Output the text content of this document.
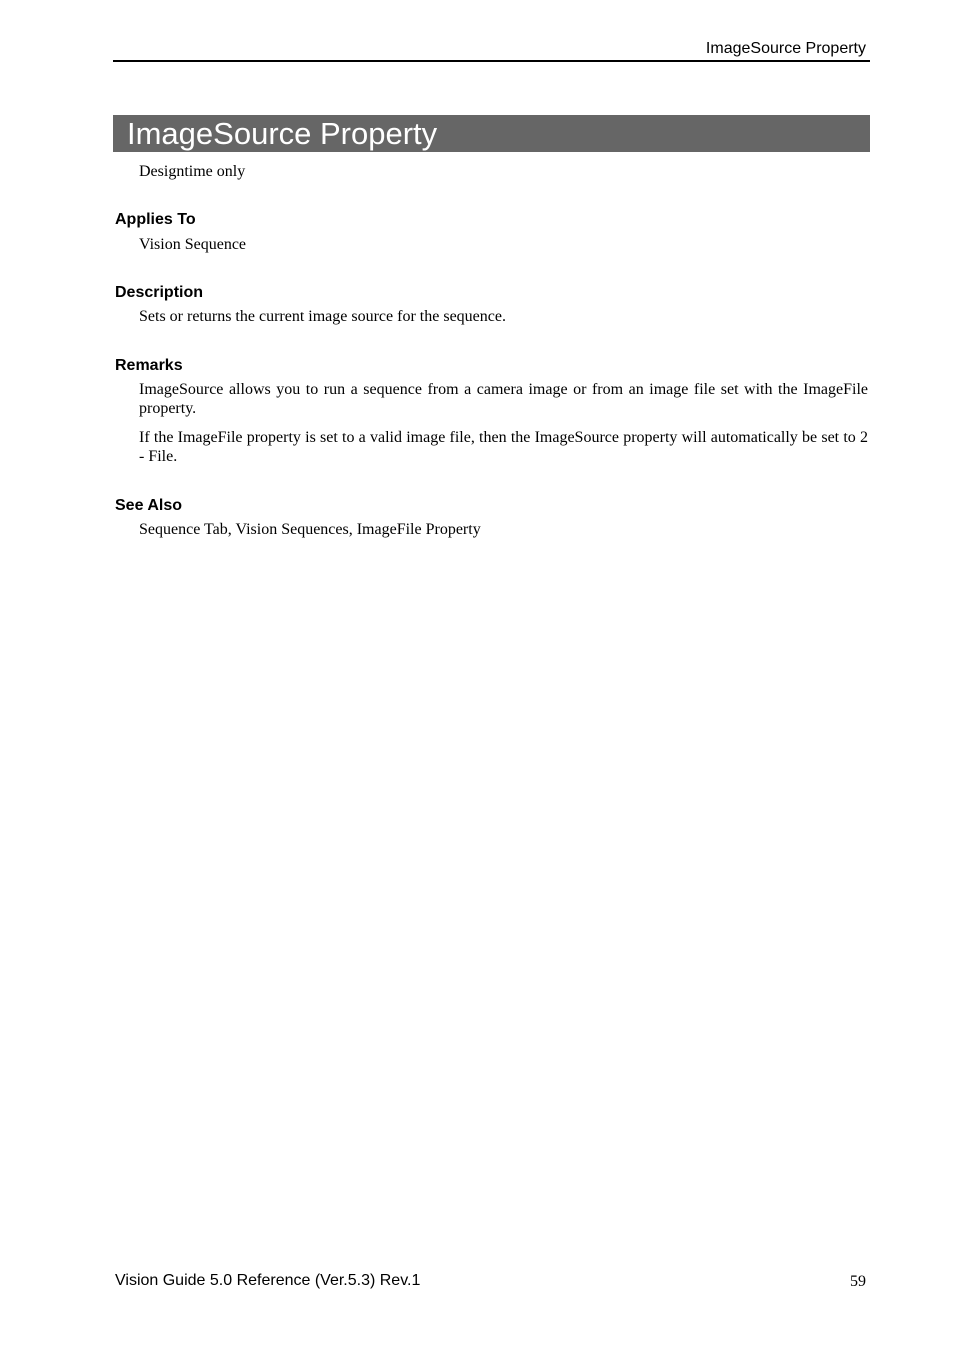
ImageSource Property
ImageSource Property

Designtime only

Applies To

Vision Sequence

Description

Sets or returns the current image source for the sequence.

Remarks

ImageSource allows you to run a sequence from a camera image or from an image file set with the ImageFile property.

If the ImageFile property is set to a valid image file, then the ImageSource property will automatically be set to 2 - File.

See Also

Sequence Tab, Vision Sequences, ImageFile Property

Vision Guide 5.0 Reference (Ver.5.3) Rev.1	59
